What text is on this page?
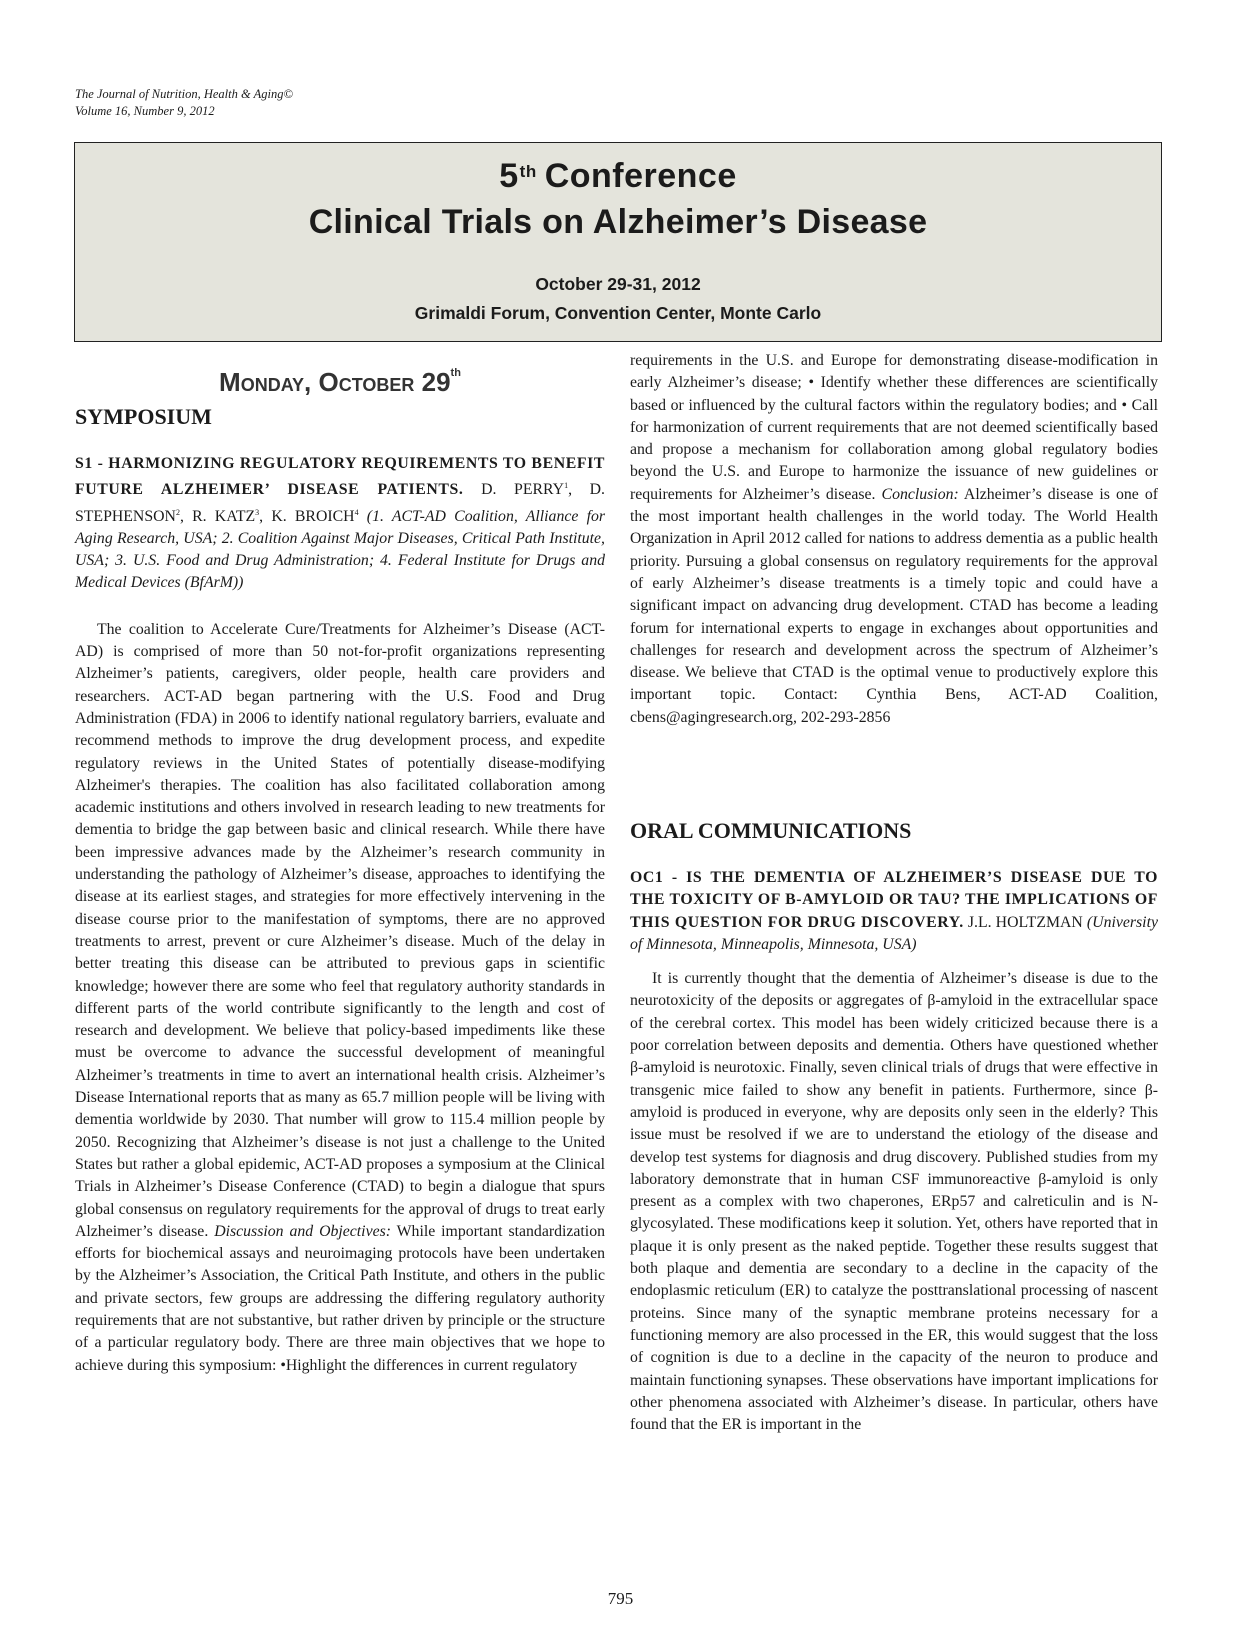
The Journal of Nutrition, Health & Aging©
Volume 16, Number 9, 2012
5th Conference
Clinical Trials on Alzheimer’s Disease
October 29-31, 2012
Grimaldi Forum, Convention Center, Monte Carlo
Monday, October 29th
SYMPOSIUM

S1 - HARMONIZING REGULATORY REQUIREMENTS TO BENEFIT FUTURE ALZHEIMER’ DISEASE PATIENTS. D. PERRY$^1$, D. STEPHENSON$^2$, R. KATZ$^3$, K. BROICH$^4$ (1. ACT-AD Coalition, Alliance for Aging Research, USA; 2. Coalition Against Major Diseases, Critical Path Institute, USA; 3. U.S. Food and Drug Administration; 4. Federal Institute for Drugs and Medical Devices (BfArM))

The coalition to Accelerate Cure/Treatments for Alzheimer’s Disease (ACT-AD) is comprised of more than 50 not-for-profit organizations representing Alzheimer’s patients, caregivers, older people, health care providers and researchers. ACT-AD began partnering with the U.S. Food and Drug Administration (FDA) in 2006 to identify national regulatory barriers, evaluate and recommend methods to improve the drug development process, and expedite regulatory reviews in the United States of potentially disease-modifying Alzheimer's therapies. The coalition has also facilitated collaboration among academic institutions and others involved in research leading to new treatments for dementia to bridge the gap between basic and clinical research. While there have been impressive advances made by the Alzheimer’s research community in understanding the pathology of Alzheimer’s disease, approaches to identifying the disease at its earliest stages, and strategies for more effectively intervening in the disease course prior to the manifestation of symptoms, there are no approved treatments to arrest, prevent or cure Alzheimer’s disease. Much of the delay in better treating this disease can be attributed to previous gaps in scientific knowledge; however there are some who feel that regulatory authority standards in different parts of the world contribute significantly to the length and cost of research and development. We believe that policy-based impediments like these must be overcome to advance the successful development of meaningful Alzheimer’s treatments in time to avert an international health crisis. Alzheimer’s Disease International reports that as many as 65.7 million people will be living with dementia worldwide by 2030. That number will grow to 115.4 million people by 2050. Recognizing that Alzheimer’s disease is not just a challenge to the United States but rather a global epidemic, ACT-AD proposes a symposium at the Clinical Trials in Alzheimer’s Disease Conference (CTAD) to begin a dialogue that spurs global consensus on regulatory requirements for the approval of drugs to treat early Alzheimer’s disease. Discussion and Objectives: While important standardization efforts for biochemical assays and neuroimaging protocols have been undertaken by the Alzheimer’s Association, the Critical Path Institute, and others in the public and private sectors, few groups are addressing the differing regulatory authority requirements that are not substantive, but rather driven by principle or the structure of a particular regulatory body. There are three main objectives that we hope to achieve during this symposium: •Highlight the differences in current regulatory

requirements in the U.S. and Europe for demonstrating disease-modification in early Alzheimer’s disease; • Identify whether these differences are scientifically based or influenced by the cultural factors within the regulatory bodies; and • Call for harmonization of current requirements that are not deemed scientifically based and propose a mechanism for collaboration among global regulatory bodies beyond the U.S. and Europe to harmonize the issuance of new guidelines or requirements for Alzheimer’s disease. Conclusion: Alzheimer’s disease is one of the most important health challenges in the world today. The World Health Organization in April 2012 called for nations to address dementia as a public health priority. Pursuing a global consensus on regulatory requirements for the approval of early Alzheimer’s disease treatments is a timely topic and could have a significant impact on advancing drug development. CTAD has become a leading forum for international experts to engage in exchanges about opportunities and challenges for research and development across the spectrum of Alzheimer’s disease. We believe that CTAD is the optimal venue to productively explore this important topic. Contact: Cynthia Bens, ACT-AD Coalition, cbens@agingresearch.org, 202-293-2856

ORAL COMMUNICATIONS

OC1 - IS THE DEMENTIA OF ALZHEIMER’S DISEASE DUE TO THE TOXICITY OF Β-AMYLOID OR TAU? THE IMPLICATIONS OF THIS QUESTION FOR DRUG DISCOVERY. J.L. HOLTZMAN (University of Minnesota, Minneapolis, Minnesota, USA)

It is currently thought that the dementia of Alzheimer’s disease is due to the neurotoxicity of the deposits or aggregates of β-amyloid in the extracellular space of the cerebral cortex. This model has been widely criticized because there is a poor correlation between deposits and dementia. Others have questioned whether β-amyloid is neurotoxic. Finally, seven clinical trials of drugs that were effective in transgenic mice failed to show any benefit in patients. Furthermore, since β-amyloid is produced in everyone, why are deposits only seen in the elderly? This issue must be resolved if we are to understand the etiology of the disease and develop test systems for diagnosis and drug discovery. Published studies from my laboratory demonstrate that in human CSF immunoreactive β-amyloid is only present as a complex with two chaperones, ERp57 and calreticulin and is N-glycosylated. These modifications keep it solution. Yet, others have reported that in plaque it is only present as the naked peptide. Together these results suggest that both plaque and dementia are secondary to a decline in the capacity of the endoplasmic reticulum (ER) to catalyze the posttranslational processing of nascent proteins. Since many of the synaptic membrane proteins necessary for a functioning memory are also processed in the ER, this would suggest that the loss of cognition is due to a decline in the capacity of the neuron to produce and maintain functioning synapses. These observations have important implications for other phenomena associated with Alzheimer’s disease. In particular, others have found that the ER is important in the

795
